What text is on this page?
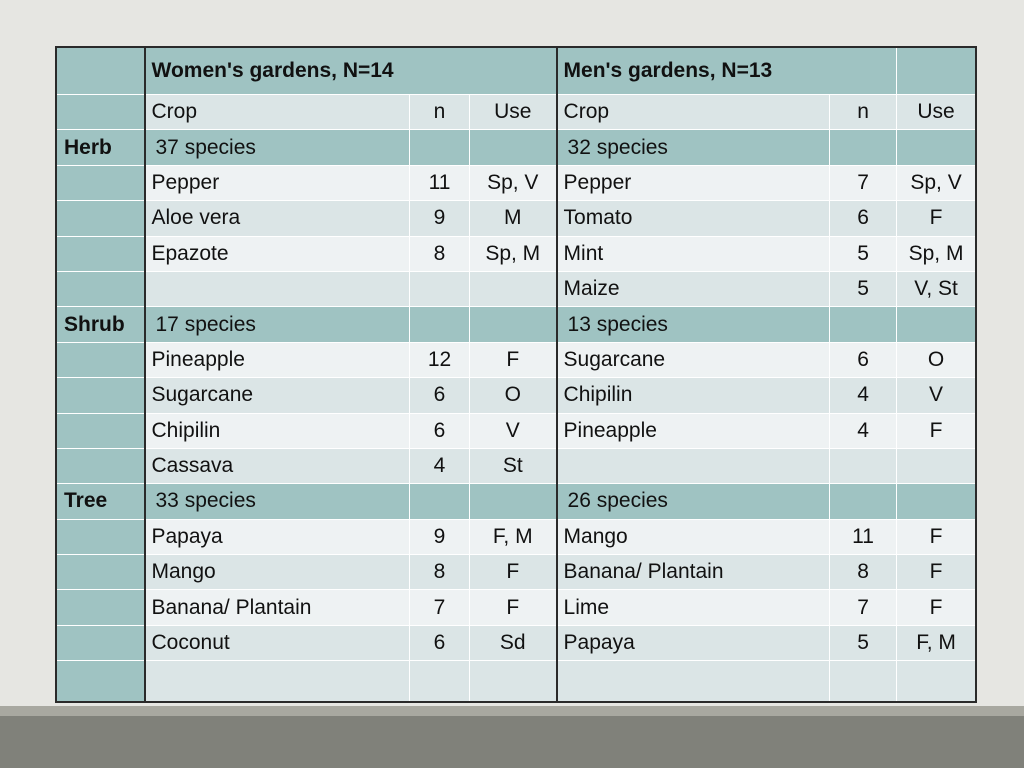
	Women's gardens, N=14			Men's gardens, N=13		
	Crop	n	Use	Crop	n	Use
Herb	37 species			32 species		
	Pepper	11	Sp, V	Pepper	7	Sp, V
	Aloe vera	9	M	Tomato	6	F
	Epazote	8	Sp, M	Mint	5	Sp, M
				Maize	5	V, St
Shrub	17 species			13 species		
	Pineapple	12	F	Sugarcane	6	O
	Sugarcane	6	O	Chipilin	4	V
	Chipilin	6	V	Pineapple	4	F
	Cassava	4	St			
Tree	33 species			26 species		
	Papaya	9	F, M	Mango	11	F
	Mango	8	F	Banana/ Plantain	8	F
	Banana/ Plantain	7	F	Lime	7	F
	Coconut	6	Sd	Papaya	5	F, M
